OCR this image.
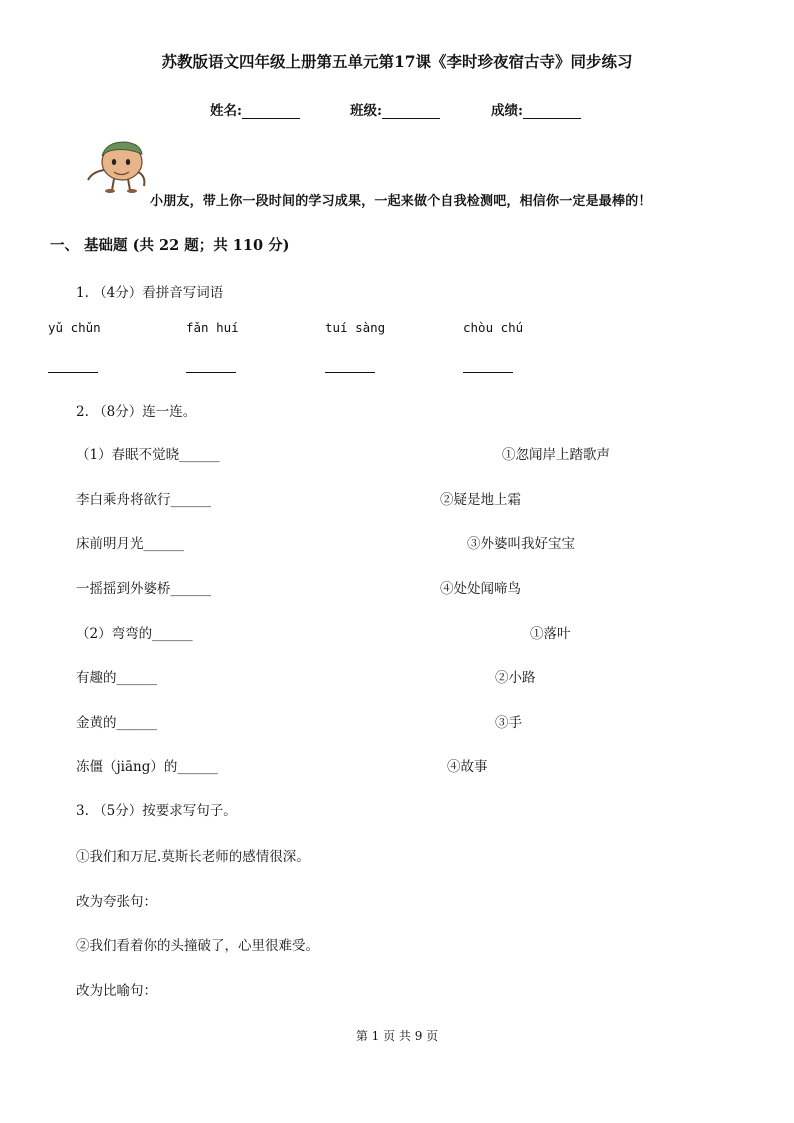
苏教版语文四年级上册第五单元第17课《李时珍夜宿古寺》同步练习
姓名:	班级:	成绩:
小朋友，带上你一段时间的学习成果，一起来做个自我检测吧，相信你一定是最棒的！
一、 基础题 (共 22 题；共 110 分)
1. （4分）看拼音写词语
yǔ chǔn	fǎn huí	tuí sàng	chòu chú
2. （8分）连一连。
（1）春眠不觉晓______	①忽闻岸上踏歌声
李白乘舟将欲行______	②疑是地上霜
床前明月光______	③外婆叫我好宝宝
一摇摇到外婆桥______	④处处闻啼鸟
（2）弯弯的______	①落叶
有趣的______	②小路
金黄的______	③手
冻僵（jiāng）的______	④故事
3. （5分）按要求写句子。
①我们和万尼.莫斯长老师的感情很深。
改为夸张句：
②我们看着你的头撞破了，心里很难受。
改为比喻句：
第 1 页 共 9 页
